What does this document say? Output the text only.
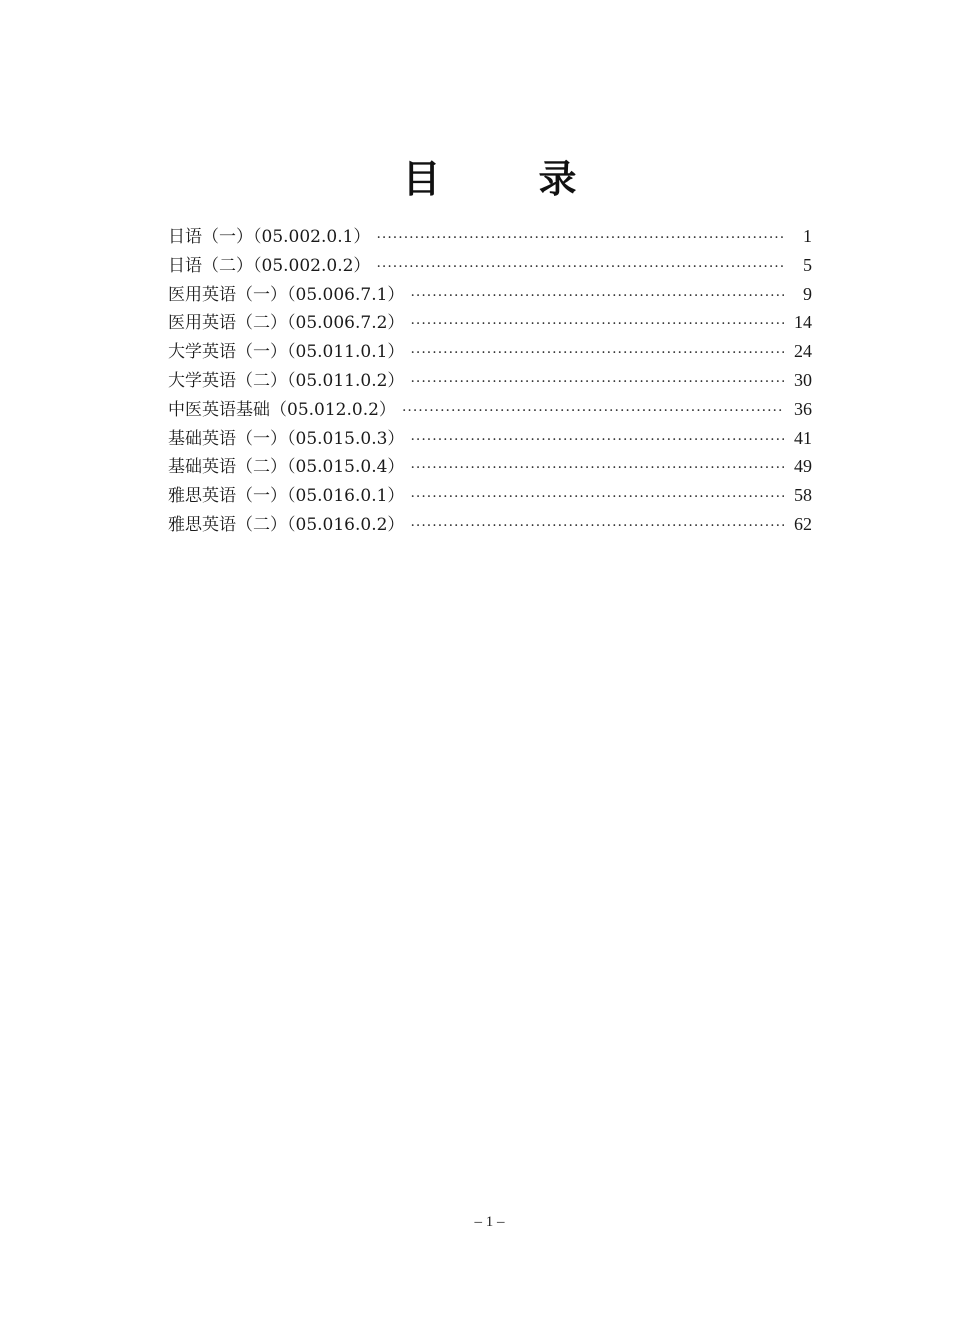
目　录
日语（一）（05.002.0.1） ·····	1
日语（二）（05.002.0.2） ·····	5
医用英语（一）（05.006.7.1） ·····	9
医用英语（二）（05.006.7.2） ·····	14
大学英语（一）（05.011.0.1） ·····	24
大学英语（二）（05.011.0.2） ·····	30
中医英语基础（05.012.0.2） ·····	36
基础英语（一）（05.015.0.3） ·····	41
基础英语（二）（05.015.0.4） ·····	49
雅思英语（一）（05.016.0.1） ·····	58
雅思英语（二）（05.016.0.2） ·····	62
– 1 –
